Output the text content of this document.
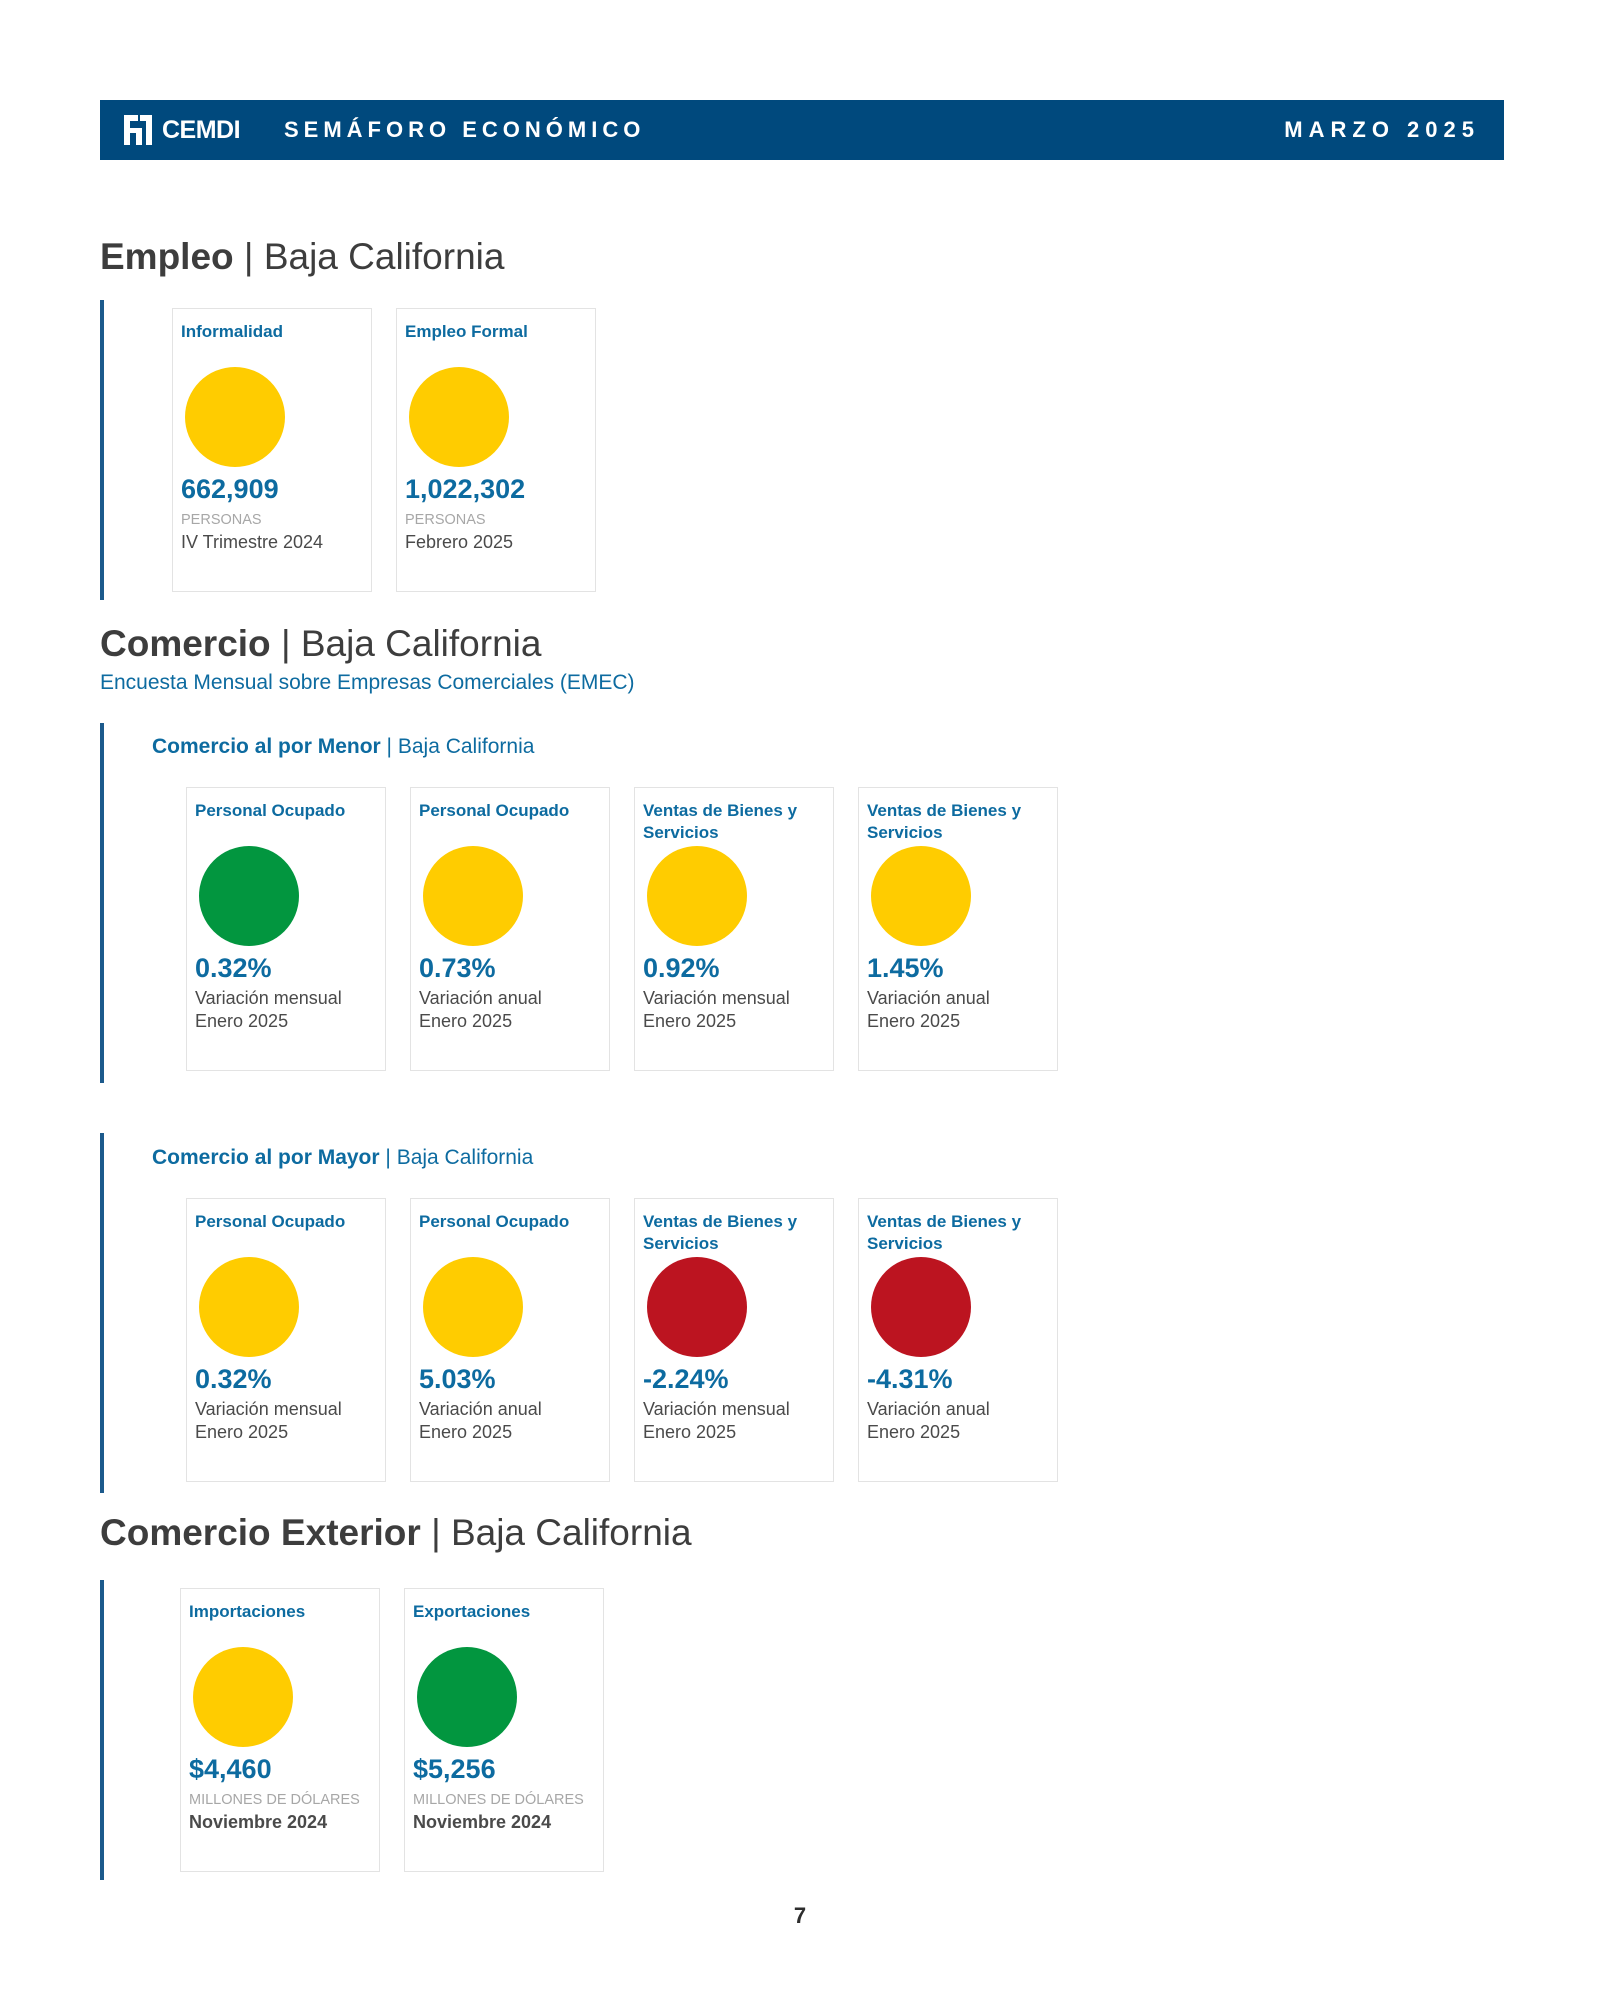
CEMDI SEMÁFORO ECONÓMICO	MARZO 2025
Empleo | Baja California
Informalidad
662,909
PERSONAS
IV Trimestre 2024
Empleo Formal
1,022,302
PERSONAS
Febrero 2025
Comercio | Baja California
Encuesta Mensual sobre Empresas Comerciales (EMEC)
Comercio al por Menor | Baja California
Personal Ocupado
0.32%
Variación mensual
Enero 2025
Personal Ocupado
0.73%
Variación anual
Enero 2025
Ventas de Bienes y Servicios
0.92%
Variación mensual
Enero 2025
Ventas de Bienes y Servicios
1.45%
Variación anual
Enero 2025
Comercio al por Mayor | Baja California
Personal Ocupado
0.32%
Variación mensual
Enero 2025
Personal Ocupado
5.03%
Variación anual
Enero 2025
Ventas de Bienes y Servicios
-2.24%
Variación mensual
Enero 2025
Ventas de Bienes y Servicios
-4.31%
Variación anual
Enero 2025
Comercio Exterior | Baja California
Importaciones
$4,460
MILLONES DE DÓLARES
Noviembre 2024
Exportaciones
$5,256
MILLONES DE DÓLARES
Noviembre 2024
7
